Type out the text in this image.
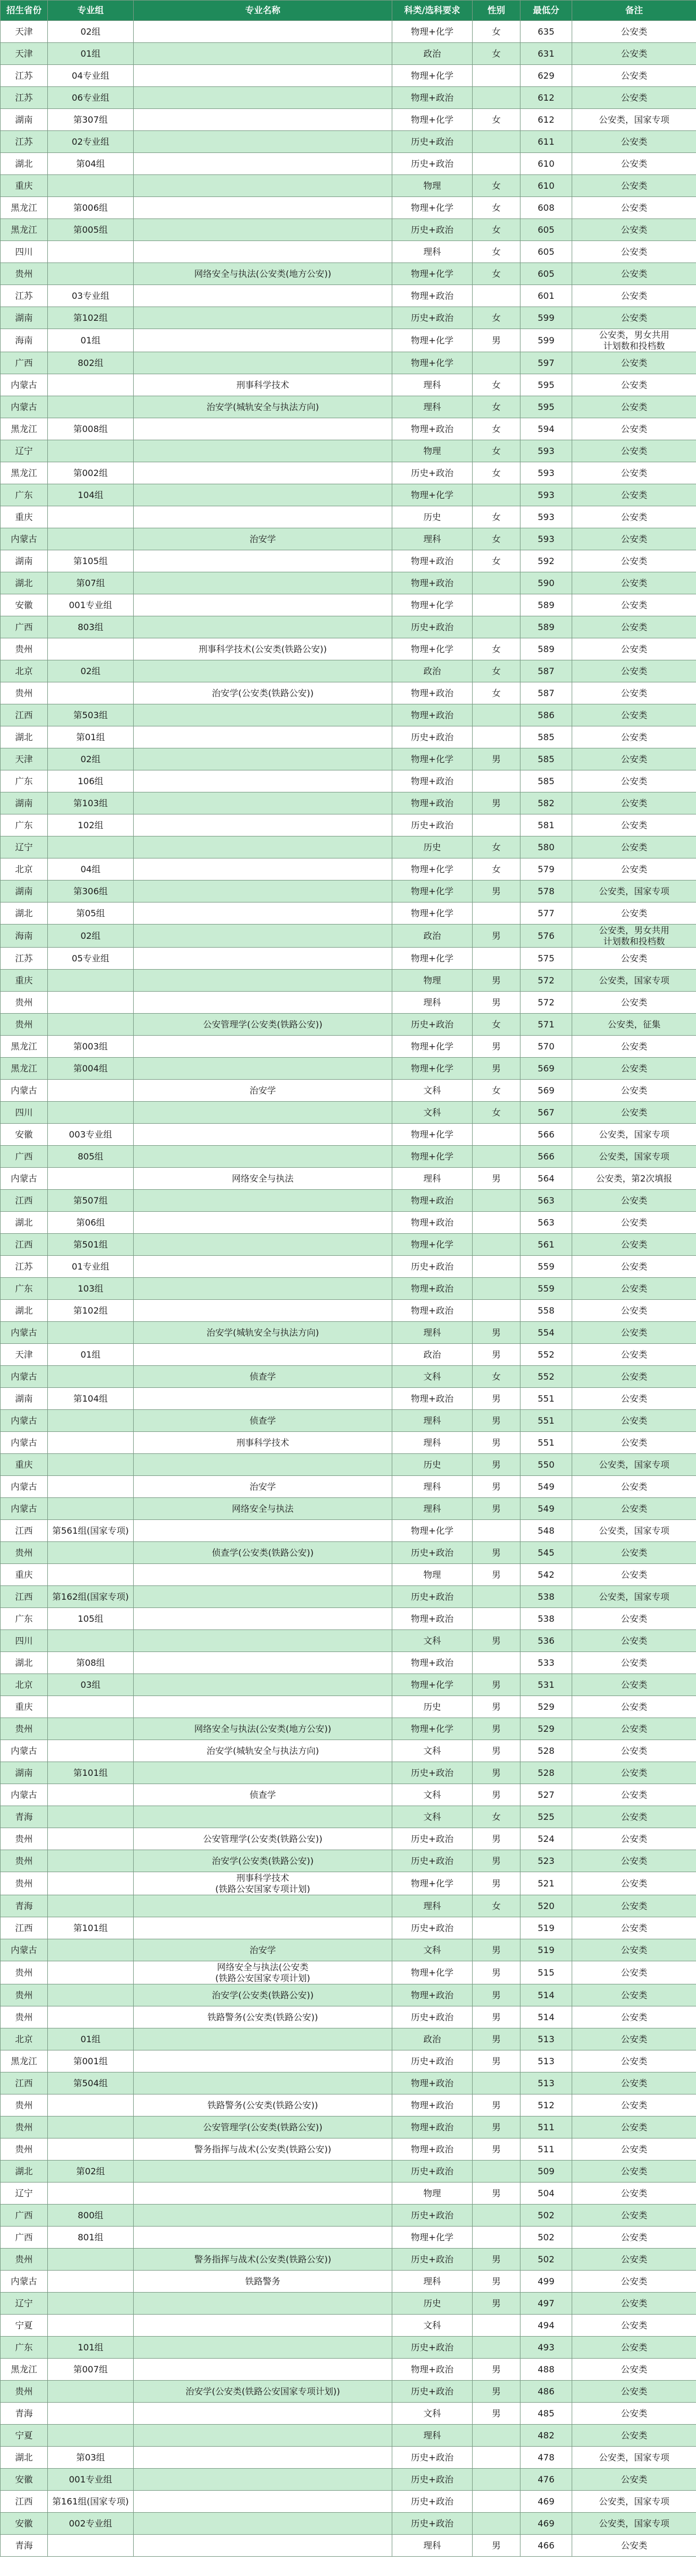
招生省份	专业组	专业名称	科类/选科要求	性别	最低分	备注
天津	02组		物理+化学	女	635	公安类
天津	01组		政治	女	631	公安类
江苏	04专业组		物理+化学		629	公安类
江苏	06专业组		物理+政治		612	公安类
湖南	第307组		物理+化学	女	612	公安类，国家专项
江苏	02专业组		历史+政治		611	公安类
湖北	第04组		历史+政治		610	公安类
重庆			物理	女	610	公安类
黑龙江	第006组		物理+化学	女	608	公安类
黑龙江	第005组		历史+政治	女	605	公安类
四川			理科	女	605	公安类
贵州		网络安全与执法(公安类(地方公安))	物理+化学	女	605	公安类
江苏	03专业组		物理+政治		601	公安类
湖南	第102组		历史+政治	女	599	公安类
海南	01组		物理+化学	男	599	公安类，男女共用
计划数和投档数
广西	802组		物理+化学		597	公安类
内蒙古		刑事科学技术	理科	女	595	公安类
内蒙古		治安学(城轨安全与执法方向)	理科	女	595	公安类
黑龙江	第008组		物理+政治	女	594	公安类
辽宁			物理	女	593	公安类
黑龙江	第002组		历史+政治	女	593	公安类
广东	104组		物理+化学		593	公安类
重庆			历史	女	593	公安类
内蒙古		治安学	理科	女	593	公安类
湖南	第105组		物理+政治	女	592	公安类
湖北	第07组		物理+政治		590	公安类
安徽	001专业组		物理+化学		589	公安类
广西	803组		历史+政治		589	公安类
贵州		刑事科学技术(公安类(铁路公安))	物理+化学	女	589	公安类
北京	02组		政治	女	587	公安类
贵州		治安学(公安类(铁路公安))	物理+政治	女	587	公安类
江西	第503组		物理+政治		586	公安类
湖北	第01组		历史+政治		585	公安类
天津	02组		物理+化学	男	585	公安类
广东	106组		物理+政治		585	公安类
湖南	第103组		物理+政治	男	582	公安类
广东	102组		历史+政治		581	公安类
辽宁			历史	女	580	公安类
北京	04组		物理+化学	女	579	公安类
湖南	第306组		物理+化学	男	578	公安类，国家专项
湖北	第05组		物理+化学		577	公安类
海南	02组		政治	男	576	公安类，男女共用
计划数和投档数
江苏	05专业组		物理+化学		575	公安类
重庆			物理	男	572	公安类，国家专项
贵州			理科	男	572	公安类
贵州		公安管理学(公安类(铁路公安))	历史+政治	女	571	公安类，征集
黑龙江	第003组		物理+化学	男	570	公安类
黑龙江	第004组		物理+化学	男	569	公安类
内蒙古		治安学	文科	女	569	公安类
四川			文科	女	567	公安类
安徽	003专业组		物理+化学		566	公安类，国家专项
广西	805组		物理+化学		566	公安类，国家专项
内蒙古		网络安全与执法	理科	男	564	公安类，第2次填报
江西	第507组		物理+政治		563	公安类
湖北	第06组		物理+政治		563	公安类
江西	第501组		物理+化学		561	公安类
江苏	01专业组		历史+政治		559	公安类
广东	103组		物理+政治		559	公安类
湖北	第102组		物理+政治		558	公安类
内蒙古		治安学(城轨安全与执法方向)	理科	男	554	公安类
天津	01组		政治	男	552	公安类
内蒙古		侦查学	文科	女	552	公安类
湖南	第104组		物理+政治	男	551	公安类
内蒙古		侦查学	理科	男	551	公安类
内蒙古		刑事科学技术	理科	男	551	公安类
重庆			历史	男	550	公安类，国家专项
内蒙古		治安学	理科	男	549	公安类
内蒙古		网络安全与执法	理科	男	549	公安类
江西	第561组(国家专项)		物理+化学		548	公安类，国家专项
贵州		侦查学(公安类(铁路公安))	历史+政治	男	545	公安类
重庆			物理	男	542	公安类
江西	第162组(国家专项)		历史+政治		538	公安类，国家专项
广东	105组		物理+政治		538	公安类
四川			文科	男	536	公安类
湖北	第08组		物理+政治		533	公安类
北京	03组		物理+化学	男	531	公安类
重庆			历史	男	529	公安类
贵州		网络安全与执法(公安类(地方公安))	物理+化学	男	529	公安类
内蒙古		治安学(城轨安全与执法方向)	文科	男	528	公安类
湖南	第101组		历史+政治	男	528	公安类
内蒙古		侦查学	文科	男	527	公安类
青海			文科	女	525	公安类
贵州		公安管理学(公安类(铁路公安))	历史+政治	男	524	公安类
贵州		治安学(公安类(铁路公安))	历史+政治	男	523	公安类
贵州		刑事科学技术
(铁路公安国家专项计划)	物理+化学	男	521	公安类
青海			理科	女	520	公安类
江西	第101组		历史+政治		519	公安类
内蒙古		治安学	文科	男	519	公安类
贵州		网络安全与执法(公安类
(铁路公安国家专项计划)	物理+化学	男	515	公安类
贵州		治安学(公安类(铁路公安))	物理+政治	男	514	公安类
贵州		铁路警务(公安类(铁路公安))	历史+政治	男	514	公安类
北京	01组		政治	男	513	公安类
黑龙江	第001组		历史+政治	男	513	公安类
江西	第504组		物理+政治		513	公安类
贵州		铁路警务(公安类(铁路公安))	物理+政治	男	512	公安类
贵州		公安管理学(公安类(铁路公安))	物理+政治	男	511	公安类
贵州		警务指挥与战术(公安类(铁路公安))	物理+政治	男	511	公安类
湖北	第02组		历史+政治		509	公安类
辽宁			物理	男	504	公安类
广西	800组		历史+政治		502	公安类
广西	801组		物理+化学		502	公安类
贵州		警务指挥与战术(公安类(铁路公安))	历史+政治	男	502	公安类
内蒙古		铁路警务	理科	男	499	公安类
辽宁			历史	男	497	公安类
宁夏			文科		494	公安类
广东	101组		历史+政治		493	公安类
黑龙江	第007组		物理+政治	男	488	公安类
贵州		治安学(公安类(铁路公安国家专项计划))	历史+政治	男	486	公安类
青海			文科	男	485	公安类
宁夏			理科		482	公安类
湖北	第03组		历史+政治		478	公安类，国家专项
安徽	001专业组		历史+政治		476	公安类
江西	第161组(国家专项)		历史+政治		469	公安类，国家专项
安徽	002专业组		历史+政治		469	公安类，国家专项
青海			理科	男	466	公安类
